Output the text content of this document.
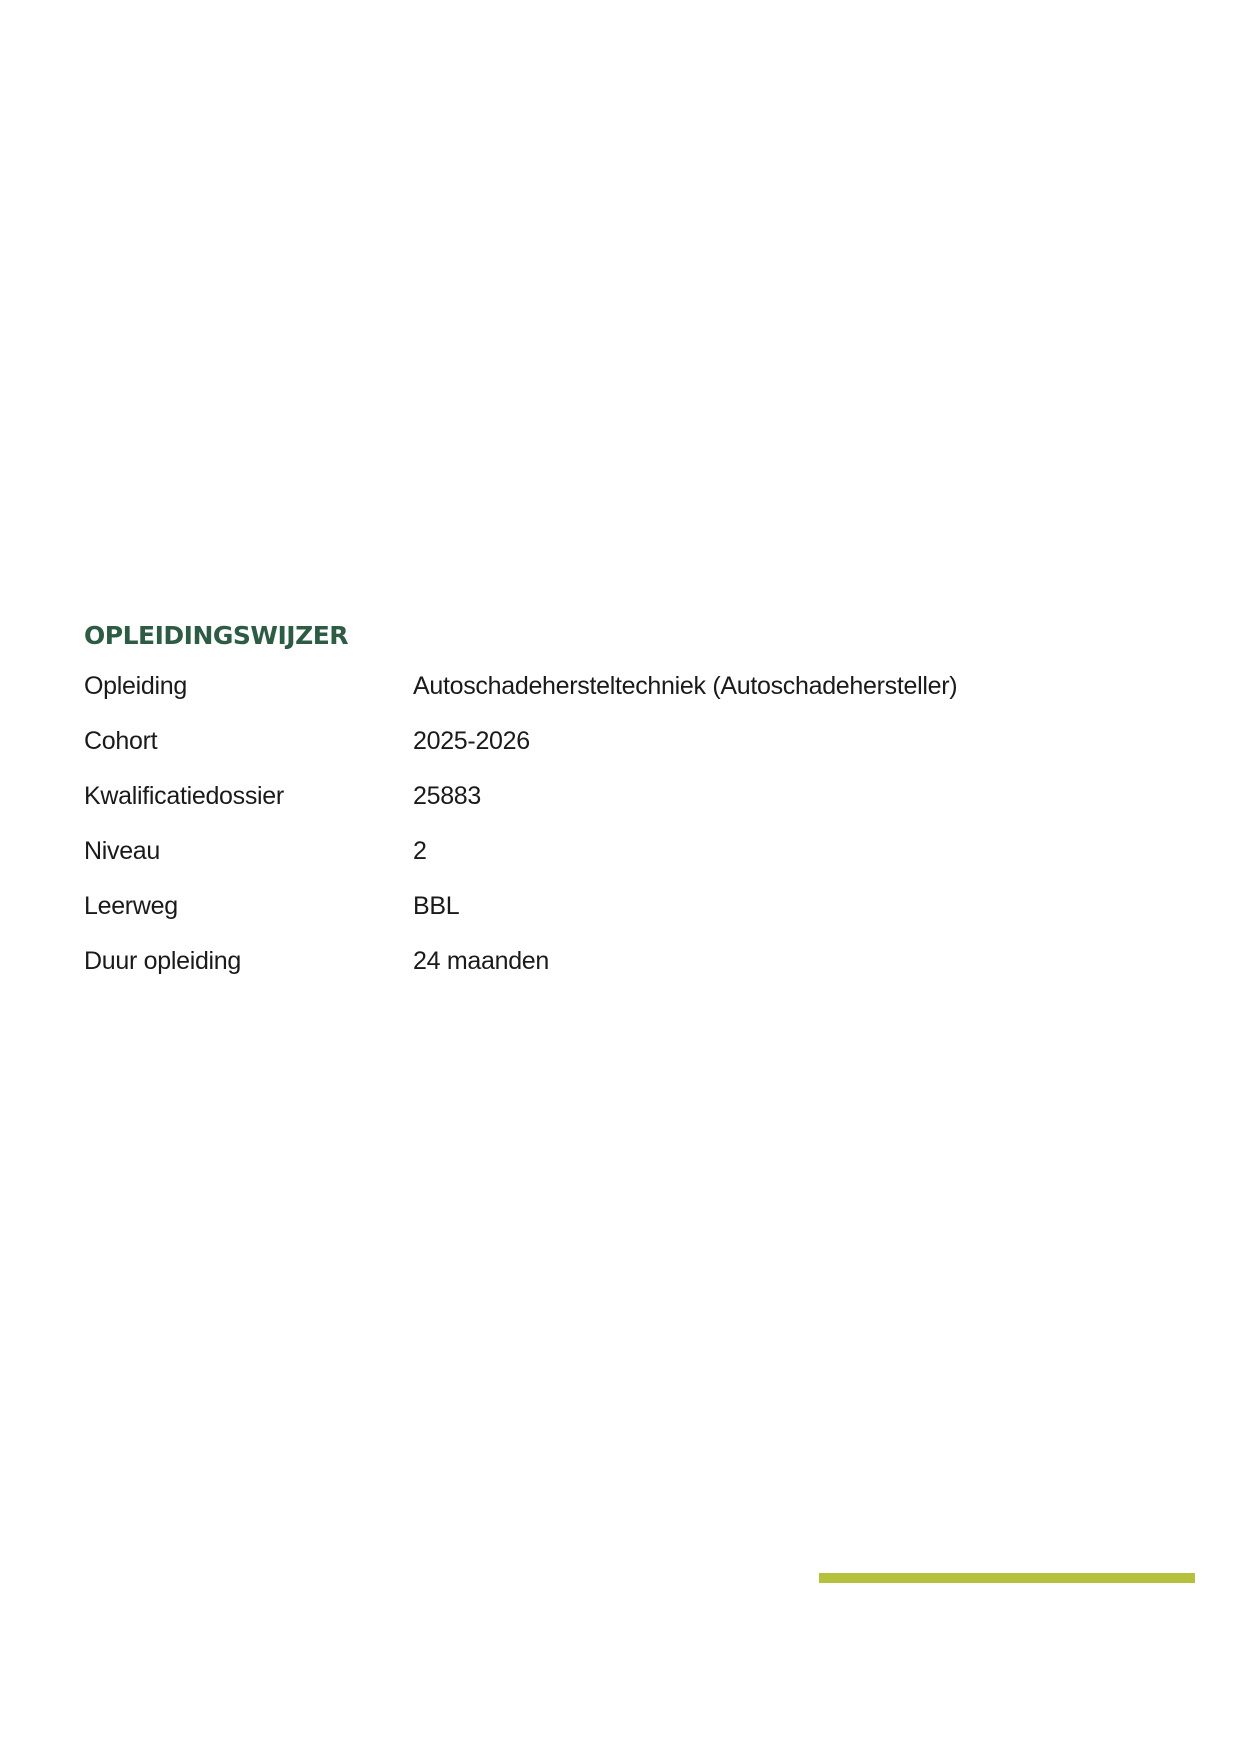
OPLEIDINGSWIJZER
Opleiding	Autoschadehersteltechniek (Autoschadehersteller)
Cohort	2025-2026
Kwalificatiedossier	25883
Niveau	2
Leerweg	BBL
Duur opleiding	24 maanden
